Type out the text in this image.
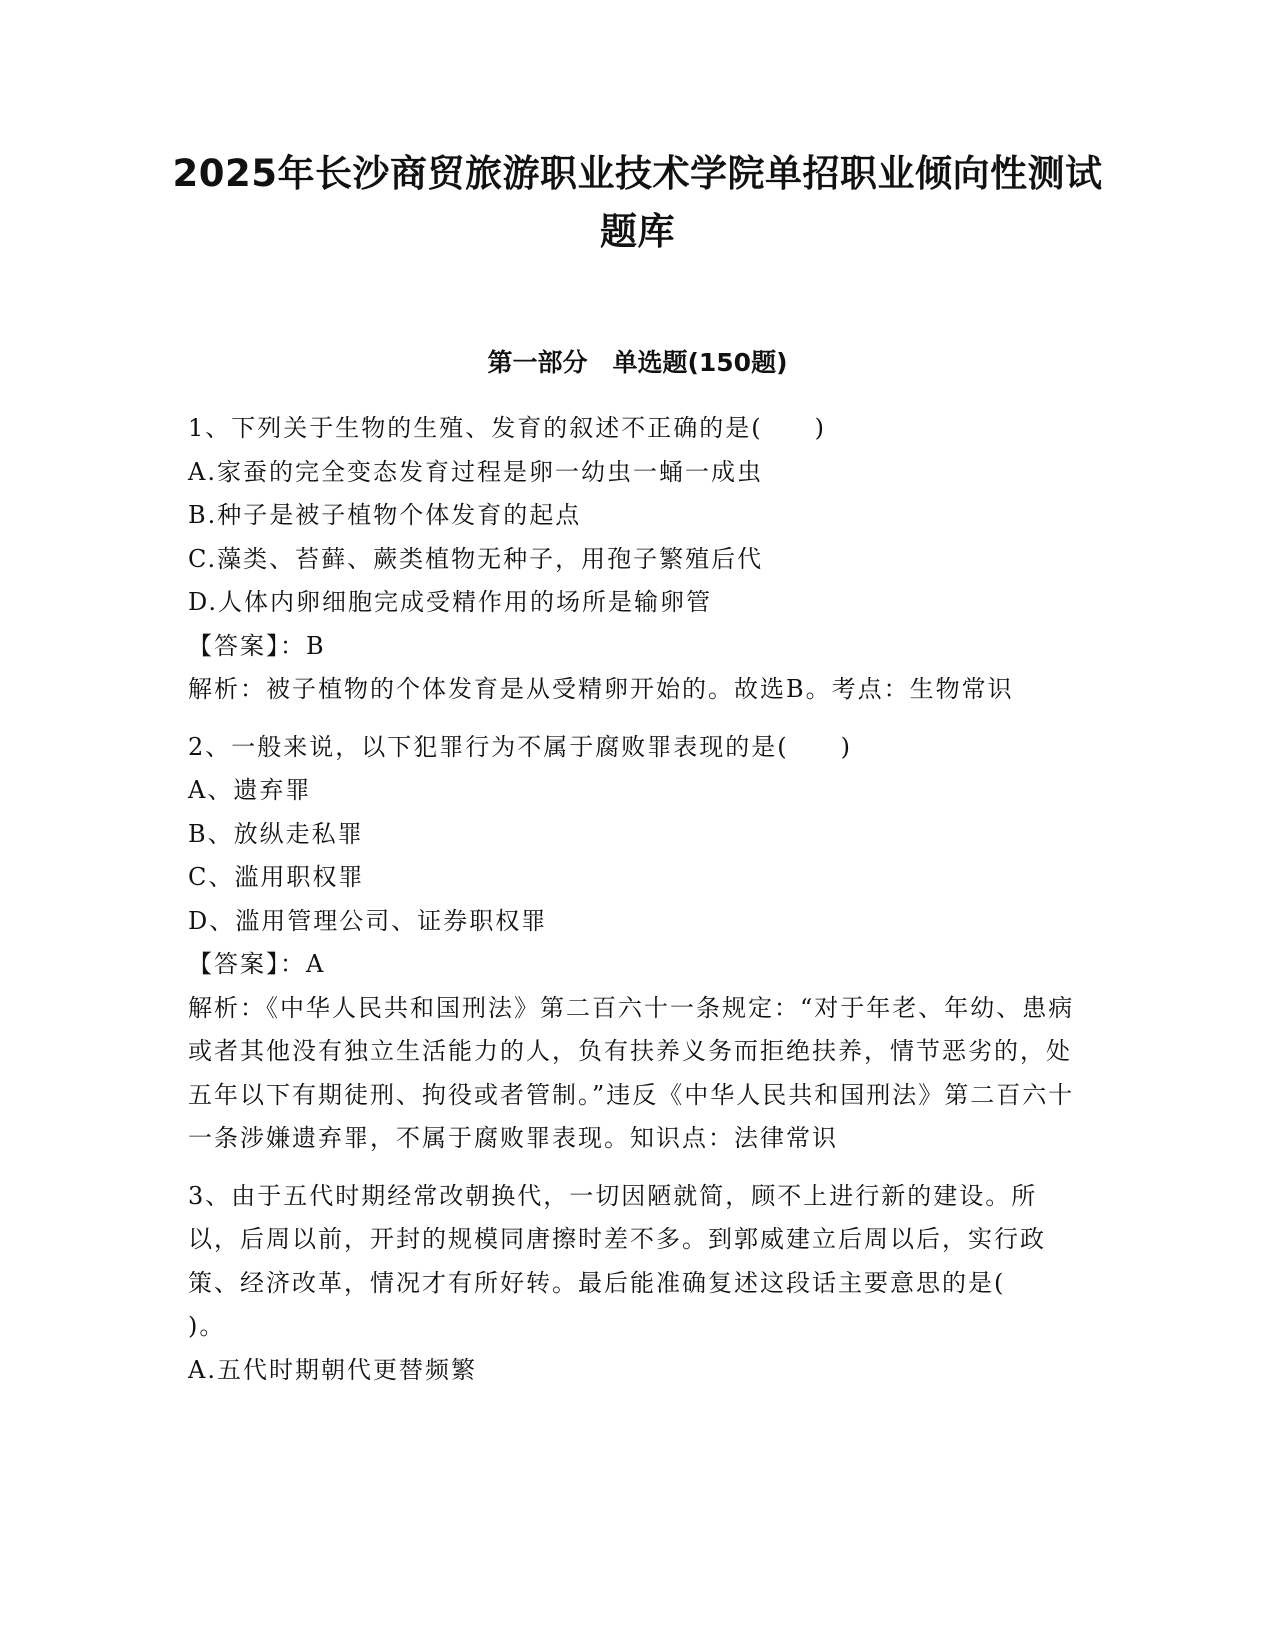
2025年长沙商贸旅游职业技术学院单招职业倾向性测试题库
第一部分　单选题(150题)
1、下列关于生物的生殖、发育的叙述不正确的是(　　)
A.家蚕的完全变态发育过程是卵一幼虫一蛹一成虫
B.种子是被子植物个体发育的起点
C.藻类、苔藓、蕨类植物无种子，用孢子繁殖后代
D.人体内卵细胞完成受精作用的场所是输卵管
【答案】：B
解析：被子植物的个体发育是从受精卵开始的。故选B。考点：生物常识
2、一般来说，以下犯罪行为不属于腐败罪表现的是(　　)
A、遗弃罪
B、放纵走私罪
C、滥用职权罪
D、滥用管理公司、证券职权罪
【答案】：A
解析：《中华人民共和国刑法》第二百六十一条规定：“对于年老、年幼、患病或者其他没有独立生活能力的人，负有扶养义务而拒绝扶养，情节恶劣的，处五年以下有期徒刑、拘役或者管制。”违反《中华人民共和国刑法》第二百六十一条涉嫌遗弃罪，不属于腐败罪表现。知识点：法律常识
3、由于五代时期经常改朝换代，一切因陋就简，顾不上进行新的建设。所以，后周以前，开封的规模同唐擦时差不多。到郭威建立后周以后，实行政策、经济改革，情况才有所好转。最后能准确复述这段话主要意思的是(　　)。
A.五代时期朝代更替频繁
